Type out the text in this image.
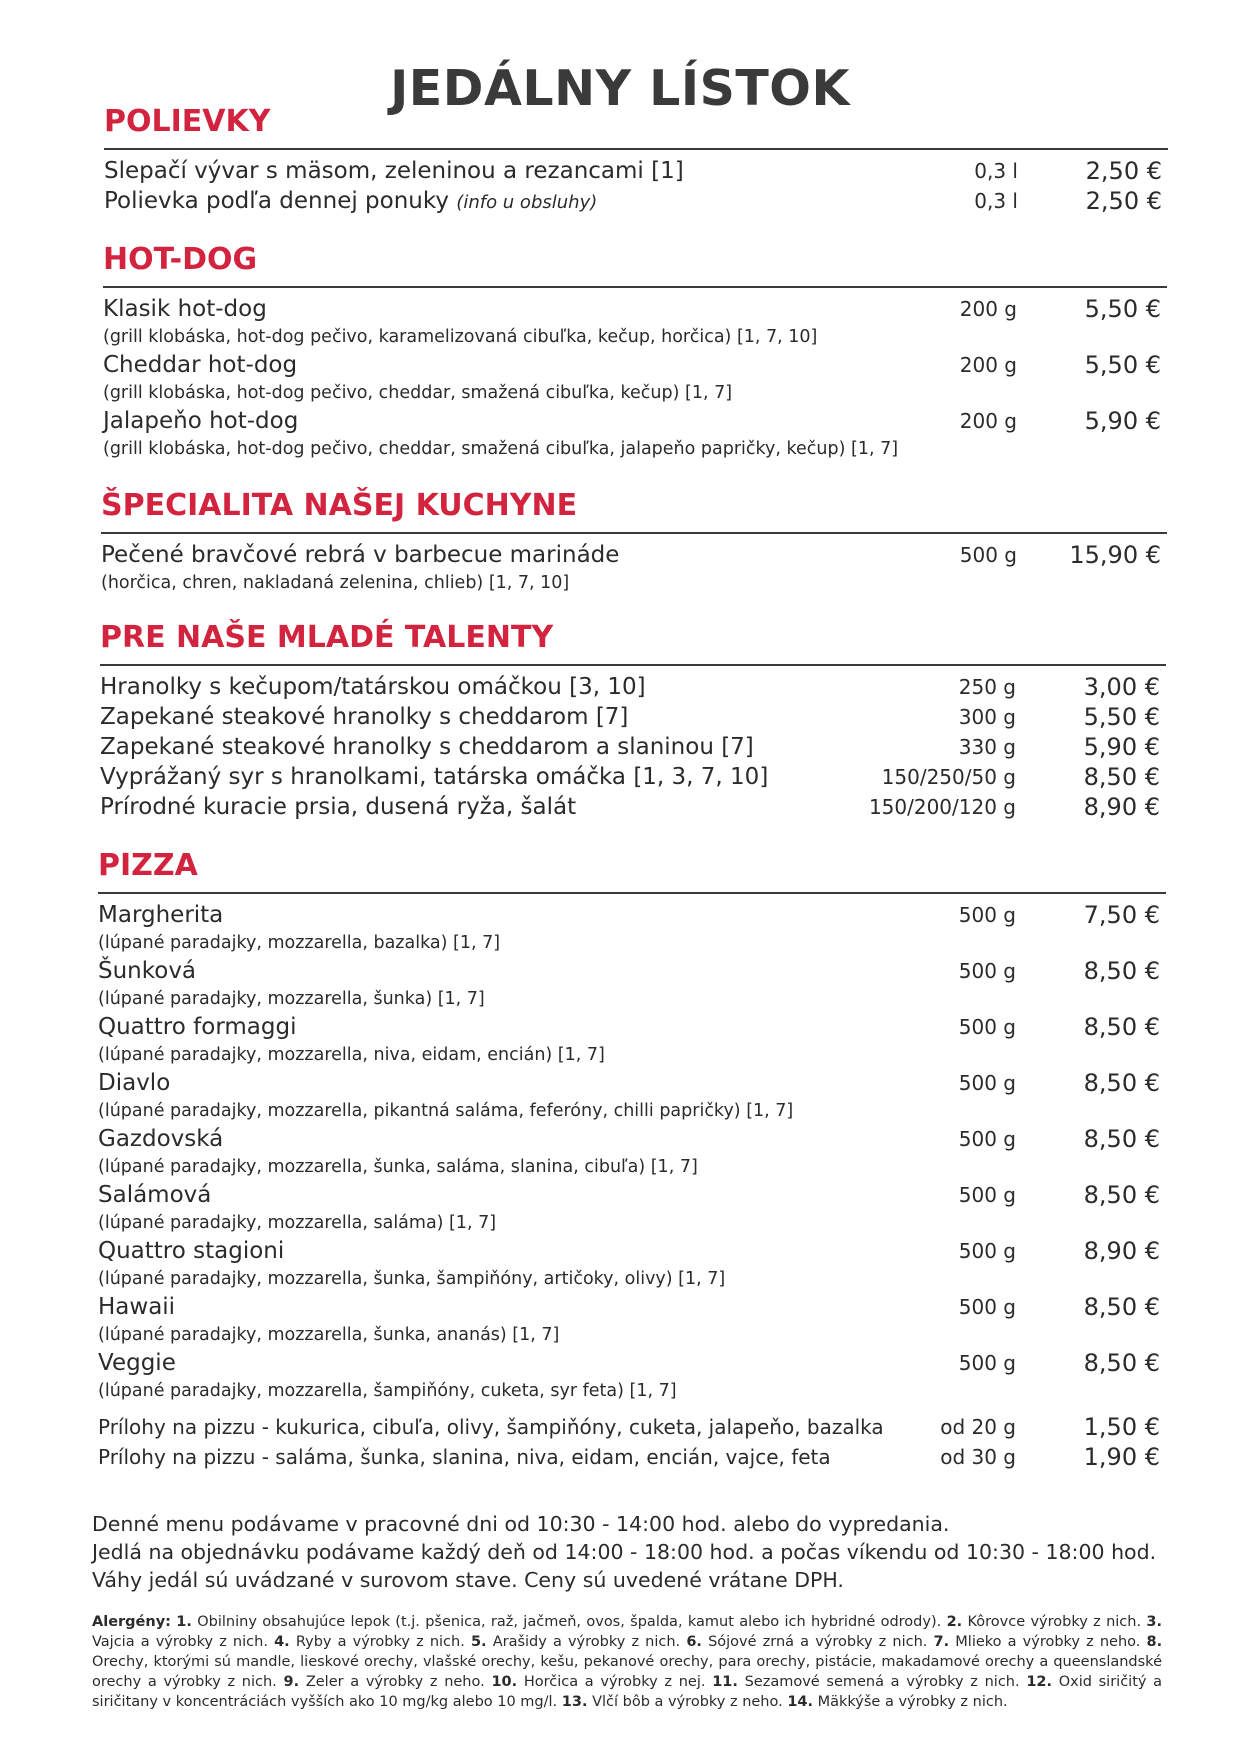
JEDÁLNY LÍSTOK
POLIEVKY
Slepačí vývar s mäsom, zeleninou a rezancami [1]	0,3 l	2,50 €
Polievka podľa dennej ponuky (info u obsluhy)	0,3 l	2,50 €
HOT-DOG
Klasik hot-dog
(grill klobáska, hot-dog pečivo, karamelizovaná cibuľka, kečup, horčica) [1, 7, 10]
200 g	5,50 €
Cheddar hot-dog
(grill klobáska, hot-dog pečivo, cheddar, smažená cibuľka, kečup) [1, 7]
200 g	5,50 €
Jalapeňo hot-dog
(grill klobáska, hot-dog pečivo, cheddar, smažená cibuľka, jalapeňo papričky, kečup) [1, 7]
200 g	5,90 €
ŠPECIALITA NAŠEJ KUCHYNE
Pečené bravčové rebrá v barbecue marináde
(horčica, chren, nakladaná zelenina, chlieb) [1, 7, 10]
500 g 15,90 €
PRE NAŠE MLADÉ TALENTY
Hranolky s kečupom/tatárskou omáčkou [3, 10]	250 g	3,00 €
Zapekané steakové hranolky s cheddarom [7]	300 g	5,50 €
Zapekané steakové hranolky s cheddarom a slaninou [7]	330 g	5,90 €
Vyprážaný syr s hranolkami, tatárska omáčka [1, 3, 7, 10]	150/250/50 g	8,50 €
Prírodné kuracie prsia, dusená ryža, šalát	150/200/120 g	8,90 €
PIZZA
Margherita
(lúpané paradajky, mozzarella, bazalka) [1, 7]
500 g	7,50 €
Šunková
(lúpané paradajky, mozzarella, šunka) [1, 7]
500 g	8,50 €
Quattro formaggi
(lúpané paradajky, mozzarella, niva, eidam, encián) [1, 7]
500 g	8,50 €
Diavlo
(lúpané paradajky, mozzarella, pikantná saláma, feferóny, chilli papričky) [1, 7]
500 g	8,50 €
Gazdovská
(lúpané paradajky, mozzarella, šunka, saláma, slanina, cibuľa) [1, 7]
500 g	8,50 €
Salámová
(lúpané paradajky, mozzarella, saláma) [1, 7]
500 g	8,50 €
Quattro stagioni
(lúpané paradajky, mozzarella, šunka, šampiňóny, artičoky, olivy) [1, 7]
500 g	8,90 €
Hawaii
(lúpané paradajky, mozzarella, šunka, ananás) [1, 7]
500 g	8,50 €
Veggie
(lúpané paradajky, mozzarella, šampiňóny, cuketa, syr feta) [1, 7]
500 g	8,50 €
Prílohy na pizzu - kukurica, cibuľa, olivy, šampiňóny, cuketa, jalapeňo, bazalka	od 20 g	1,50 €
Prílohy na pizzu - saláma, šunka, slanina, niva, eidam, encián, vajce, feta	od 30 g	1,90 €
Denné menu podávame v pracovné dni od 10:30 - 14:00 hod. alebo do vypredania.
Jedlá na objednávku podávame každý deň od 14:00 - 18:00 hod. a počas víkendu od 10:30 - 18:00 hod.
Váhy jedál sú uvádzané v surovom stave. Ceny sú uvedené vrátane DPH.
Alergény: 1. Obilniny obsahujúce lepok (t.j. pšenica, raž, jačmeň, ovos, špalda, kamut alebo ich hybridné odrody). 2. Kôrovce výrobky z nich. 3. Vajcia a výrobky z nich. 4. Ryby a výrobky z nich. 5. Arašidy a výrobky z nich. 6. Sójové zrná a výrobky z nich. 7. Mlieko a výrobky z neho. 8. Orechy, ktorými sú mandle, lieskové orechy, vlašské orechy, kešu, pekanové orechy, para orechy, pistácie, makadamové orechy a queenslandské orechy a výrobky z nich. 9. Zeler a výrobky z neho. 10. Horčica a výrobky z nej. 11. Sezamové semená a výrobky z nich. 12. Oxid siričitý a siričitany v koncentráciách vyšších ako 10 mg/kg alebo 10 mg/l. 13. Vlčí bôb a výrobky z neho. 14. Mäkkýše a výrobky z nich.
